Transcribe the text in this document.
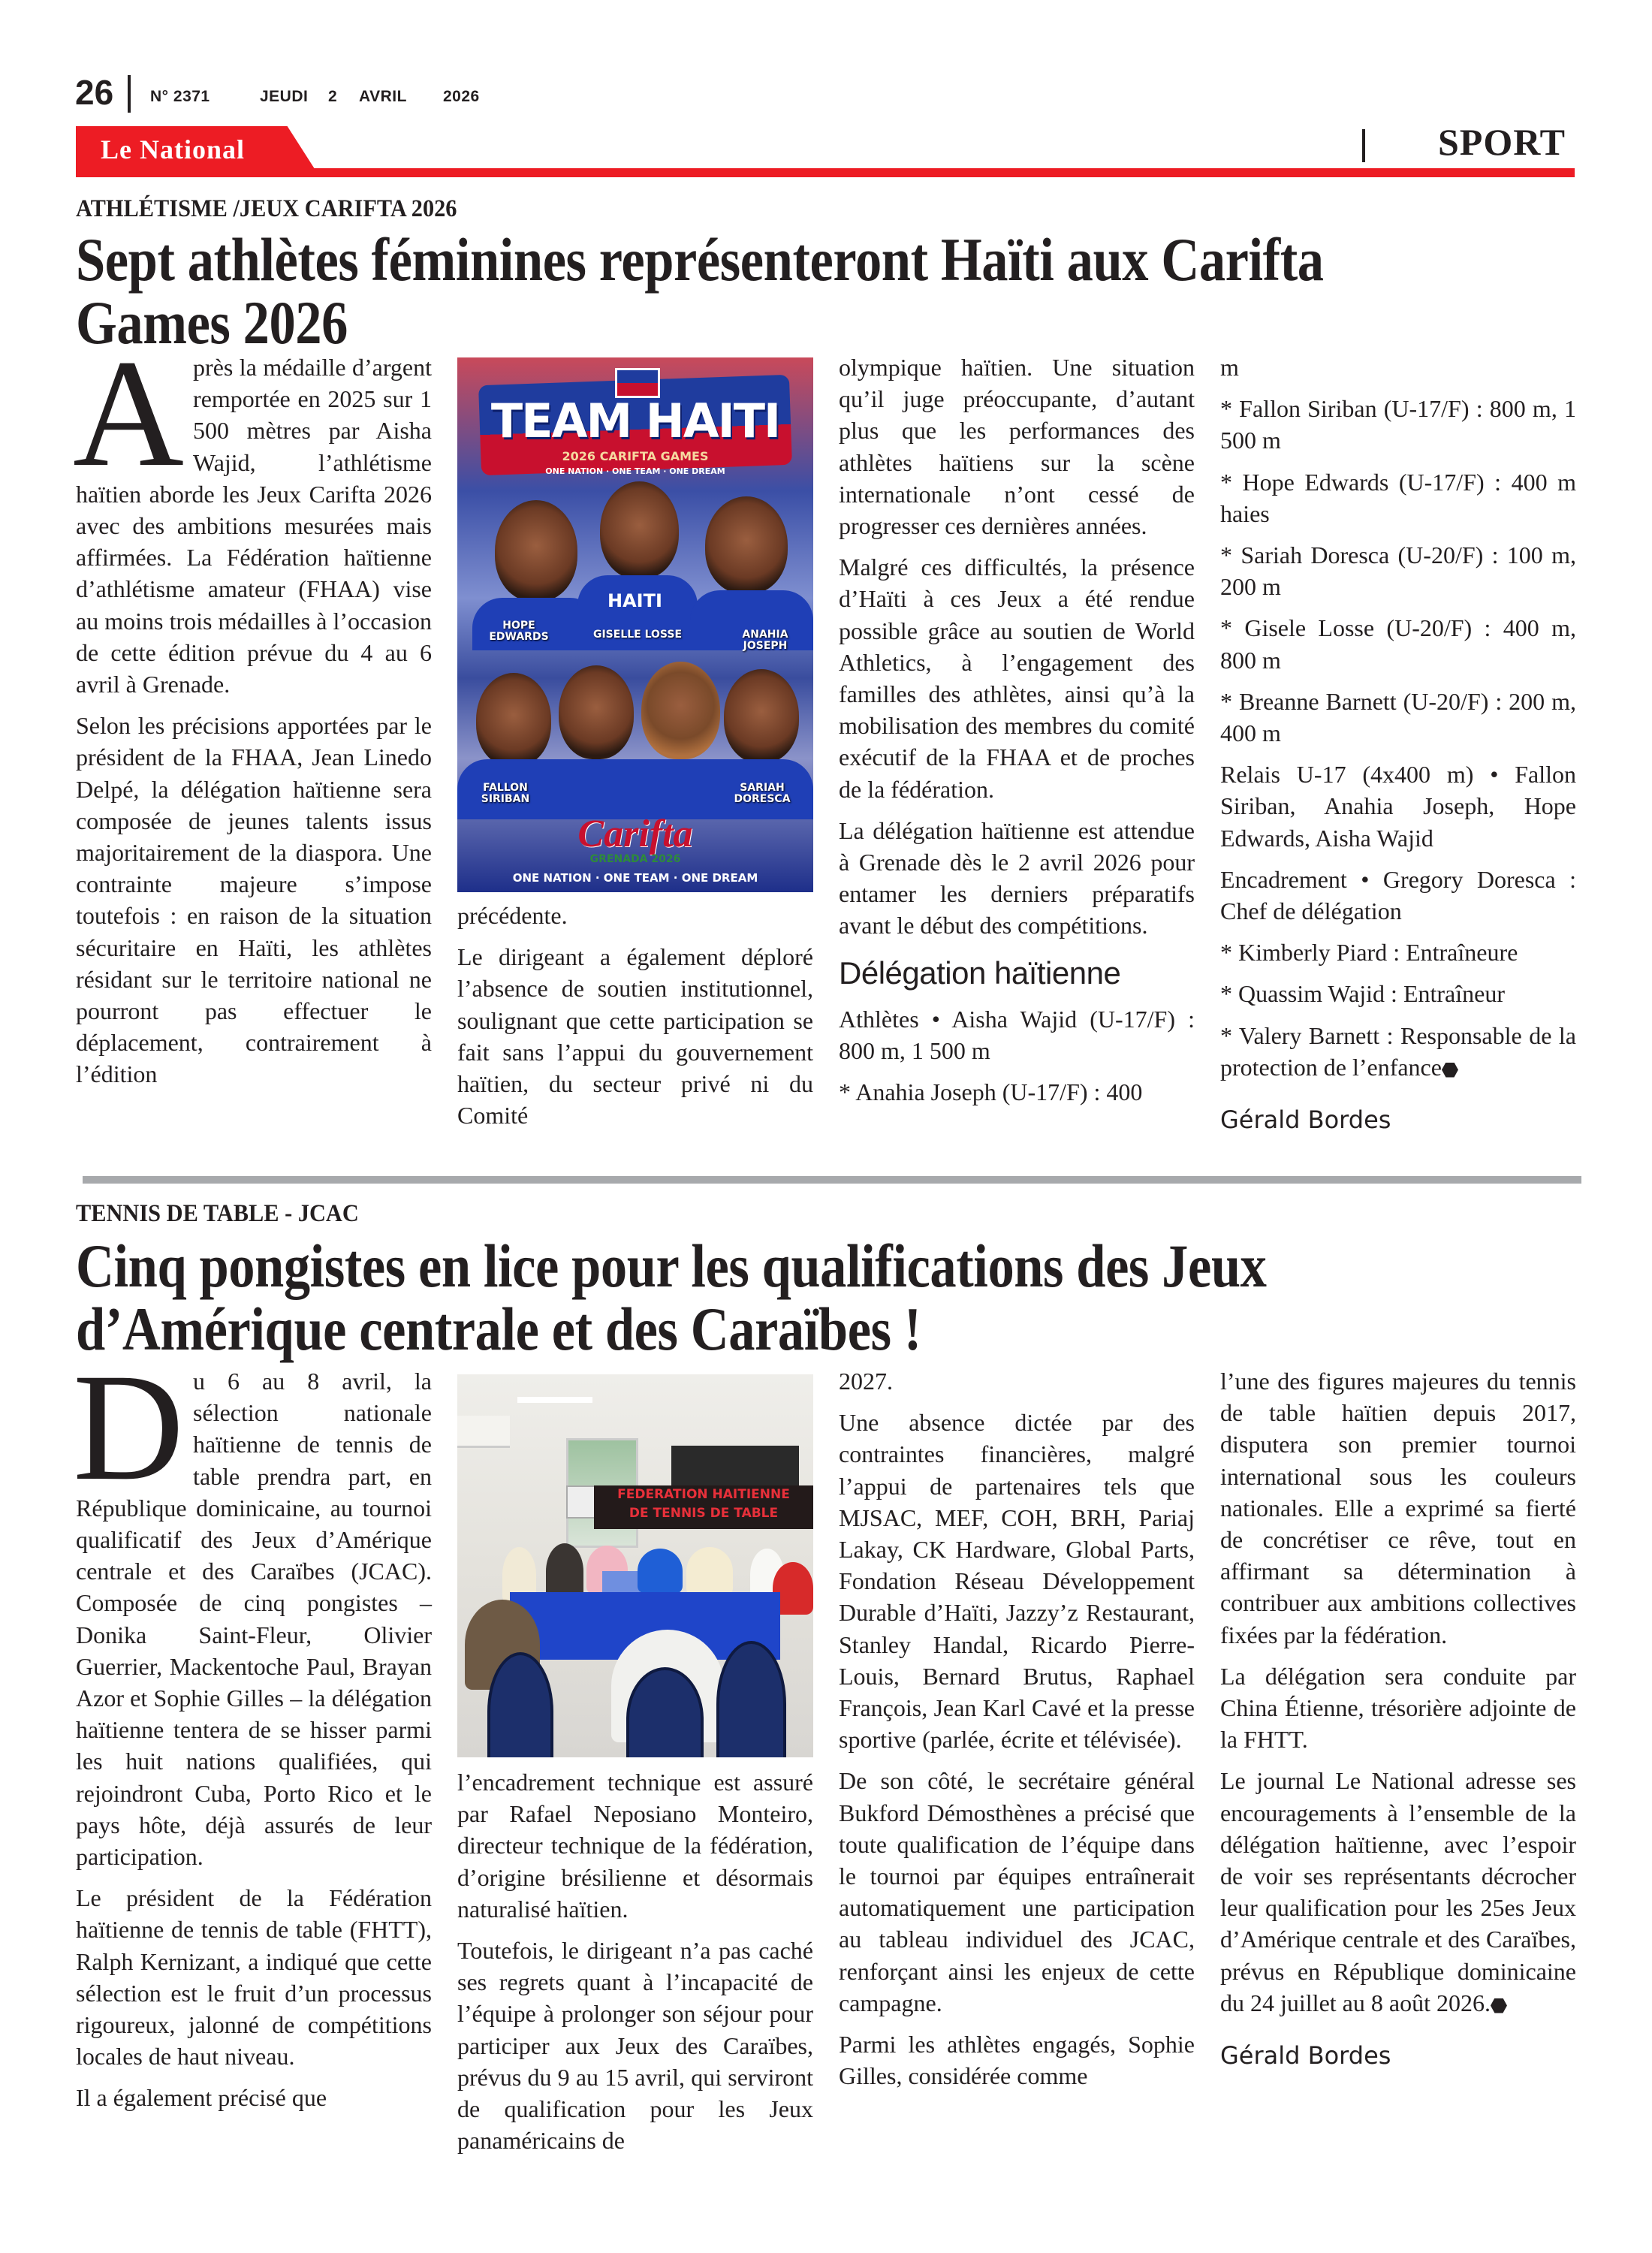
26 N° 2371	JEUDI 2 AVRIL 2026
Le National	SPORT
ATHLÉTISME /JEUX CARIFTA 2026
Sept athlètes féminines représenteront Haïti aux Carifta
Games 2026

Après la médaille d’argent remportée en 2025 sur 1 500 mètres par Aisha Wajid, l’athlétisme haïtien aborde les Jeux Carifta 2026 avec des ambitions mesurées mais affirmées. La Fédération haïtienne d’athlétisme amateur (FHAA) vise au moins trois médailles à l’occasion de cette édition prévue du 4 au 6 avril à Grenade.

Selon les précisions apportées par le président de la FHAA, Jean Linedo Delpé, la délégation haïtienne sera composée de jeunes talents issus majoritairement de la diaspora. Une contrainte majeure s’impose toutefois : en raison de la situation sécuritaire en Haïti, les athlètes résidant sur le territoire national ne pourront pas effectuer le déplacement, contrairement à l’édition

TEAM HAITI
2026 CARIFTA GAMES
ONE NATION · ONE TEAM · ONE DREAM
HAITI
HOPE EDWARDS	GISELLE LOSSE	ANAHIA JOSEPH
FALLON SIRIBAN
SARIAH DORESCA
Carifta
GRENADA 2026
ONE NATION · ONE TEAM · ONE DREAM

précédente.

Le dirigeant a également déploré l’absence de soutien institutionnel, soulignant que cette participation se fait sans l’appui du gouvernement haïtien, du secteur privé ni du Comité

olympique haïtien. Une situation qu’il juge préoccupante, d’autant plus que les performances des athlètes haïtiens sur la scène internationale n’ont cessé de progresser ces dernières années.

Malgré ces difficultés, la présence d’Haïti à ces Jeux a été rendue possible grâce au soutien de World Athletics, à l’engagement des familles des athlètes, ainsi qu’à la mobilisation des membres du comité exécutif de la FHAA et de proches de la fédération.

La délégation haïtienne est attendue à Grenade dès le 2 avril 2026 pour entamer les derniers préparatifs avant le début des compétitions.

Délégation haïtienne

Athlètes • Aisha Wajid (U-17/F) : 800 m, 1 500 m

* Anahia Joseph (U-17/F) : 400

m

* Fallon Siriban (U-17/F) : 800 m, 1 500 m

* Hope Edwards (U-17/F) : 400 m haies

* Sariah Doresca (U-20/F) : 100 m, 200 m

* Gisele Losse (U-20/F) : 400 m, 800 m

* Breanne Barnett (U-20/F) : 200 m, 400 m

Relais U-17 (4x400 m) • Fallon Siriban, Anahia Joseph, Hope Edwards, Aisha Wajid

Encadrement • Gregory Doresca : Chef de délégation

* Kimberly Piard : Entraîneure

* Quassim Wajid : Entraîneur

* Valery Barnett : Responsable de la protection de l’enfance

Gérald Bordes
TENNIS DE TABLE - JCAC
Cinq pongistes en lice pour les qualifications des Jeux
d’Amérique centrale et des Caraïbes !

Du 6 au 8 avril, la sélection nationale haïtienne de tennis de table prendra part, en République dominicaine, au tournoi qualificatif des Jeux d’Amérique centrale et des Caraïbes (JCAC). Composée de cinq pongistes – Donika Saint-Fleur, Olivier Guerrier, Mackentoche Paul, Brayan Azor et Sophie Gilles – la délégation haïtienne tentera de se hisser parmi les huit nations qualifiées, qui rejoindront Cuba, Porto Rico et le pays hôte, déjà assurés de leur participation.

Le président de la Fédération haïtienne de tennis de table (FHTT), Ralph Kernizant, a indiqué que cette sélection est le fruit d’un processus rigoureux, jalonné de compétitions locales de haut niveau.

Il a également précisé que

FEDERATION HAITIENNE
DE TENNIS DE TABLE

l’encadrement technique est assuré par Rafael Neposiano Monteiro, directeur technique de la fédération, d’origine brésilienne et désormais naturalisé haïtien.

Toutefois, le dirigeant n’a pas caché ses regrets quant à l’incapacité de l’équipe à prolonger son séjour pour participer aux Jeux des Caraïbes, prévus du 9 au 15 avril, qui serviront de qualification pour les Jeux panaméricains de

2027.

Une absence dictée par des contraintes financières, malgré l’appui de partenaires tels que MJSAC, MEF, COH, BRH, Pariaj Lakay, CK Hardware, Global Parts, Fondation Réseau Développement Durable d’Haïti, Jazzy’z Restaurant, Stanley Handal, Ricardo Pierre-Louis, Bernard Brutus, Raphael François, Jean Karl Cavé et la presse sportive (parlée, écrite et télévisée).

De son côté, le secrétaire général Bukford Démosthènes a précisé que toute qualification de l’équipe dans le tournoi par équipes entraînerait automatiquement une participation au tableau individuel des JCAC, renforçant ainsi les enjeux de cette campagne.

Parmi les athlètes engagés, Sophie Gilles, considérée comme

l’une des figures majeures du tennis de table haïtien depuis 2017, disputera son premier tournoi international sous les couleurs nationales. Elle a exprimé sa fierté de concrétiser ce rêve, tout en affirmant sa détermination à contribuer aux ambitions collectives fixées par la fédération.

La délégation sera conduite par China Étienne, trésorière adjointe de la FHTT.

Le journal Le National adresse ses encouragements à l’ensemble de la délégation haïtienne, avec l’espoir de voir ses représentants décrocher leur qualification pour les 25es Jeux d’Amérique centrale et des Caraïbes, prévus en République dominicaine du 24 juillet au 8 août 2026.

Gérald Bordes
